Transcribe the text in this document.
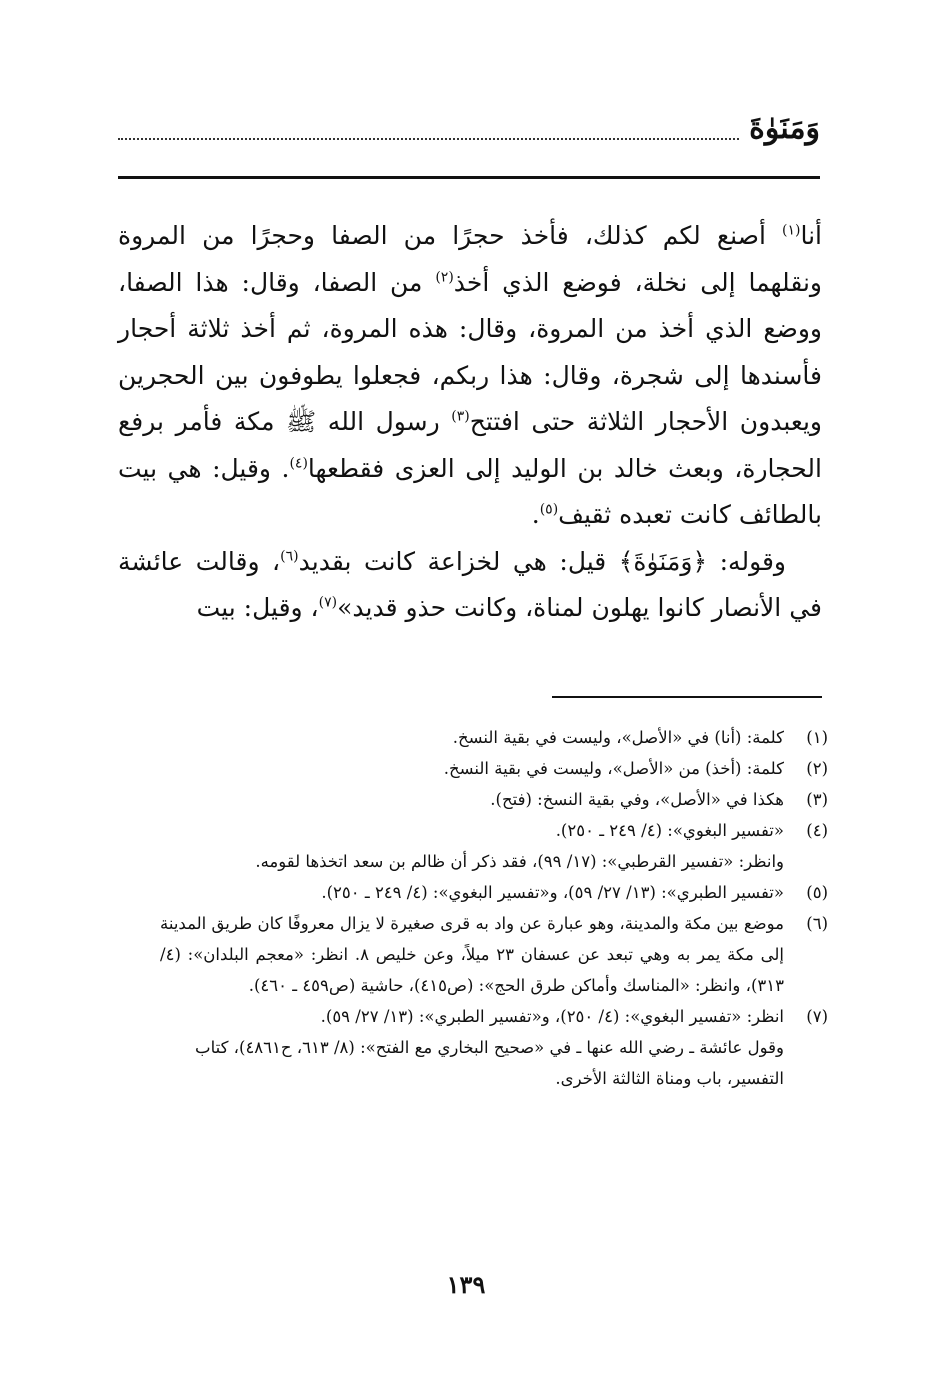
وَمَنَوٰةَ

أنا$^{(١)}$ أصنع لكم كذلك، فأخذ حجرًا من الصفا وحجرًا من المروة ونقلهما إلى نخلة، فوضع الذي أخذ$^{(٢)}$ من الصفا، وقال: هذا الصفا، ووضع الذي أخذ من المروة، وقال: هذه المروة، ثم أخذ ثلاثة أحجار فأسندها إلى شجرة، وقال: هذا ربكم، فجعلوا يطوفون بين الحجرين ويعبدون الأحجار الثلاثة حتى افتتح$^{(٣)}$ رسول الله ﷺ مكة فأمر برفع الحجارة، وبعث خالد بن الوليد إلى العزى فقطعها$^{(٤)}$. وقيل: هي بيت بالطائف كانت تعبده ثقيف$^{(٥)}$.

وقوله: ﴿وَمَنَوٰةَ﴾ قيل: هي لخزاعة كانت بقديد$^{(٦)}$، وقالت عائشة في الأنصار كانوا يهلون لمناة، وكانت حذو قديد»$^{(٧)}$، وقيل: بيت

(١)
كلمة: (أنا) في «الأصل»، وليست في بقية النسخ.
(٢)
كلمة: (أخذ) من «الأصل»، وليست في بقية النسخ.
(٣)
هكذا في «الأصل»، وفي بقية النسخ: (فتح).
(٤)
«تفسير البغوي»: (٤/ ٢٤٩ ـ ٢٥٠).
وانظر: «تفسير القرطبي»: (١٧/ ٩٩)، فقد ذكر أن ظالم بن سعد اتخذها لقومه.
(٥)
«تفسير الطبري»: (١٣/ ٢٧/ ٥٩)، و«تفسير البغوي»: (٤/ ٢٤٩ ـ ٢٥٠).
(٦)
موضع بين مكة والمدينة، وهو عبارة عن واد به قرى صغيرة لا يزال معروفًا كان طريق المدينة إلى مكة يمر به وهي تبعد عن عسفان ٢٣ ميلاً، وعن خليص ٨. انظر: «معجم البلدان»: (٤/ ٣١٣)، وانظر: «المناسك وأماكن طرق الحج»: (ص٤١٥)، حاشية (ص٤٥٩ ـ ٤٦٠).
(٧)
انظر: «تفسير البغوي»: (٤/ ٢٥٠)، و«تفسير الطبري»: (١٣/ ٢٧/ ٥٩).
وقول عائشة ـ رضي الله عنها ـ في «صحيح البخاري مع الفتح»: (٨/ ٦١٣، ح٤٨٦١)، كتاب التفسير، باب ومناة الثالثة الأخرى.
١٣٩
